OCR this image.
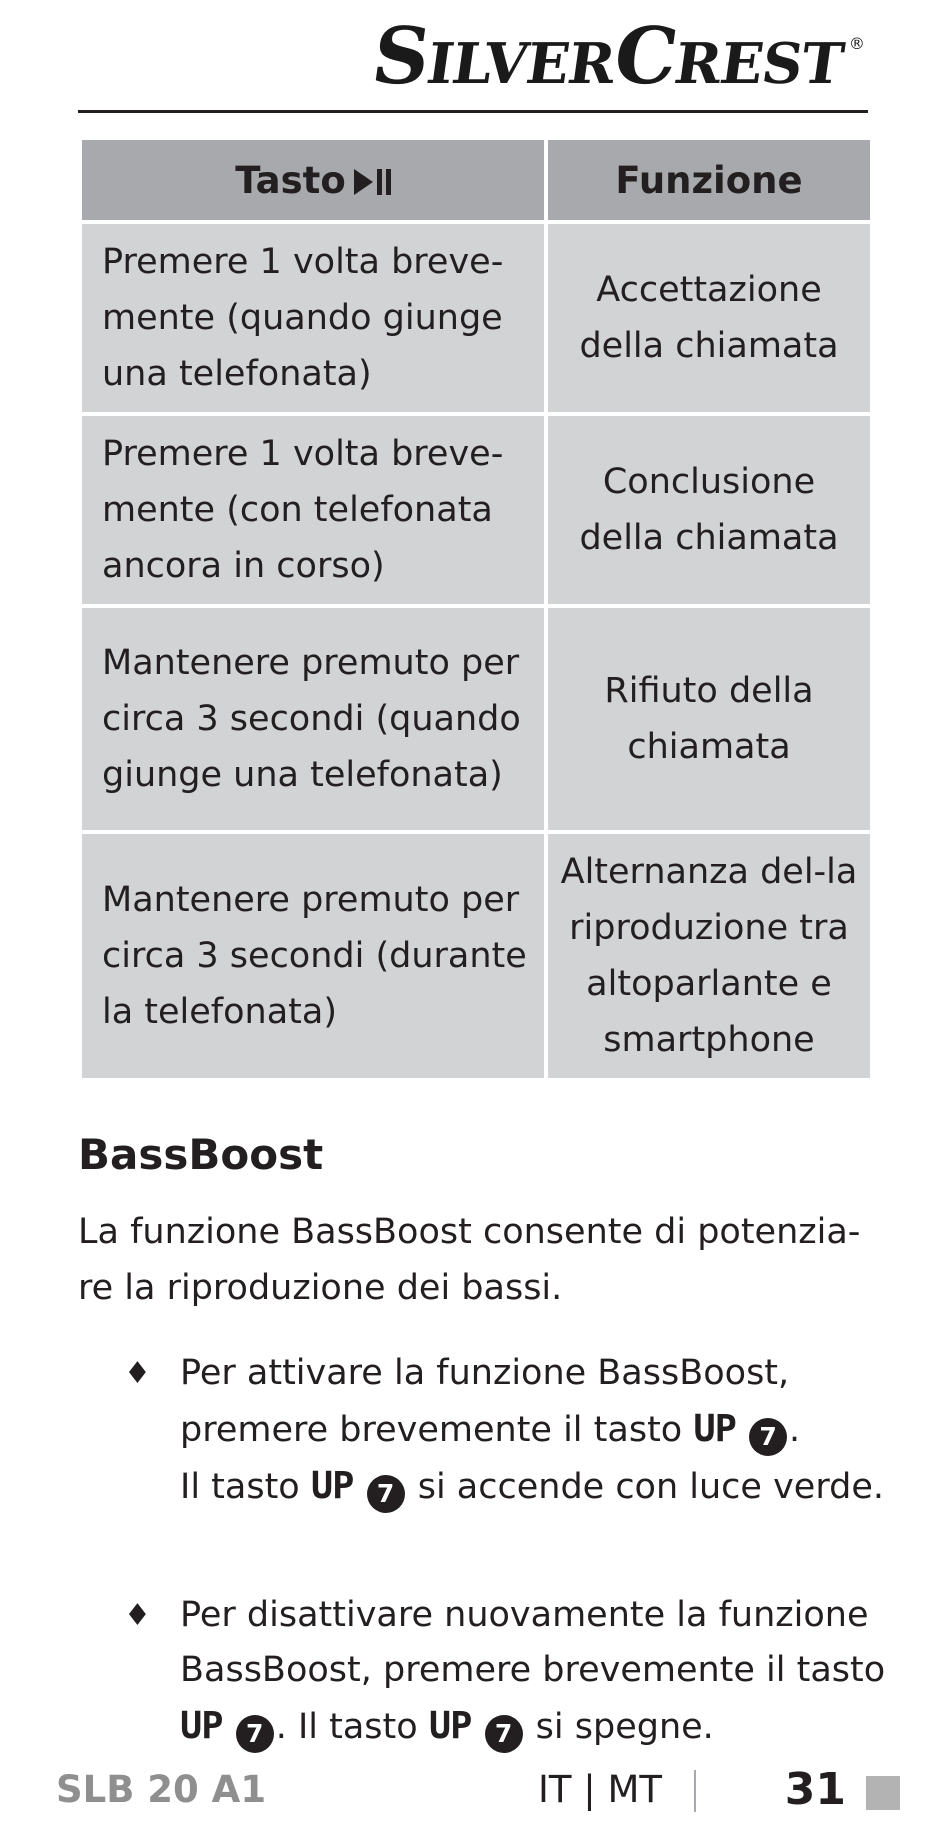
S
ILVER
C
REST ®
Tasto	Funzione
Premere 1 volta breve-mente (quando giunge una telefonata)	Accettazione della chiamata
Premere 1 volta breve-mente (con telefonata ancora in corso)	Conclusione della chiamata
Mantenere premuto per circa 3 secondi (quando giunge una telefonata)	Rifiuto della chiamata
Mantenere premuto per circa 3 secondi (durante la telefonata)	Alternanza del-la riproduzione tra altoparlante e smartphone
BassBoost

La funzione BassBoost consente di potenzia-re la riproduzione dei bassi.

♦ Per attivare la funzione BassBoost, premere brevemente il tasto UP 7 .
Il tasto UP 7 si accende con luce verde.
♦ Per disattivare nuovamente la funzione BassBoost, premere brevemente il tasto UP 7 . Il tasto UP 7 si spegne.
SLB 20 A1	IT | MT	31
